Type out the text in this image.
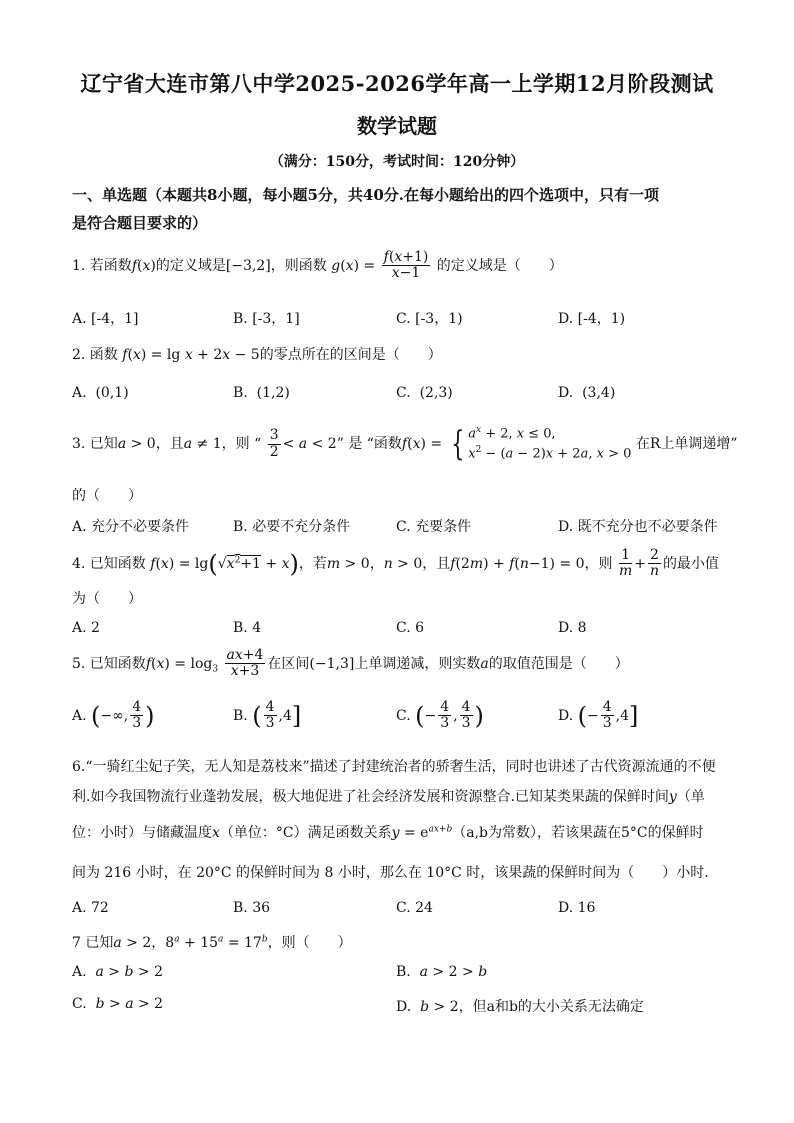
辽宁省大连市第八中学2025-2026学年高一上学期12月阶段测试
数学试题
（满分：150分，考试时间：120分钟）
一、单选题（本题共8小题，每小题5分，共40分.在每小题给出的四个选项中，只有一项
是符合题目要求的）
1. 若函数f(x)的定义域是[−3,2]，则函数 $g(x) = \frac{f(x+1)}{x-1}$ 的定义域是（　　）
A. [-4，1]	B. [-3，1]	C. [-3，1)	D. [-4，1)
2. 函数 f(x) = lg x + 2x − 5的零点所在的区间是（　　）
A. (0,1)	B. (1,2)	C. (2,3)	D. (3,4)
3. 已知a > 0，且a ≠ 1，则 “ $\frac{3}{2} < a < 2$” 是 “函数f(x) = { $a^x + 2$, x ≤ 0,
$x^2 - (a - 2)x + 2a$, x > 0 在R上单调递增”
的（　　）
A. 充分不必要条件	B. 必要不充分条件	C. 充要条件	D. 既不充分也不必要条件
4. 已知函数 $f(x) = \lg(√x^2+1 + x)$，若m > 0，n > 0，且f(2m) + f(n−1) = 0，则 $\frac{1}{m} + \frac{2}{n}$ 的最小值
为（　　）
A. 2	B. 4	C. 6	D. 8
5. 已知函数$f(x) = \log_3 \frac{ax+4}{x+3}$ 在区间(−1,3]上单调递减，则实数a的取值范围是（　　）
A. (−∞, $\frac{4}{3}$ )	B. ( $\frac{4}{3} ,4$]	C. (− $\frac{4}{3}$ , $\frac{4}{3}$ )	D. (− $\frac{4}{3} ,4$]
6.“一骑红尘妃子笑，无人知是荔枝来”描述了封建统治者的骄奢生活，同时也讲述了古代资源流通的不便
利.如今我国物流行业蓬勃发展，极大地促进了社会经济发展和资源整合.已知某类果蔬的保鲜时间y（单
位：小时）与储藏温度x（单位：°C）满足函数关系$y = e^{ax+b}(a,b$为常数），若该果蔬在5°C的保鲜时
间为 216 小时，在 20°C 的保鲜时间为 8 小时，那么在 10°C 时，该果蔬的保鲜时间为（　　）小时.
A. 72	B. 36	C. 24	D. 16
7 已知a > 2，$8^a + 15^a = 17^b$，则（　　）
A. a > b > 2	B. a > 2 > b
C. b > a > 2	D. b > 2，但a和b的大小关系无法确定
